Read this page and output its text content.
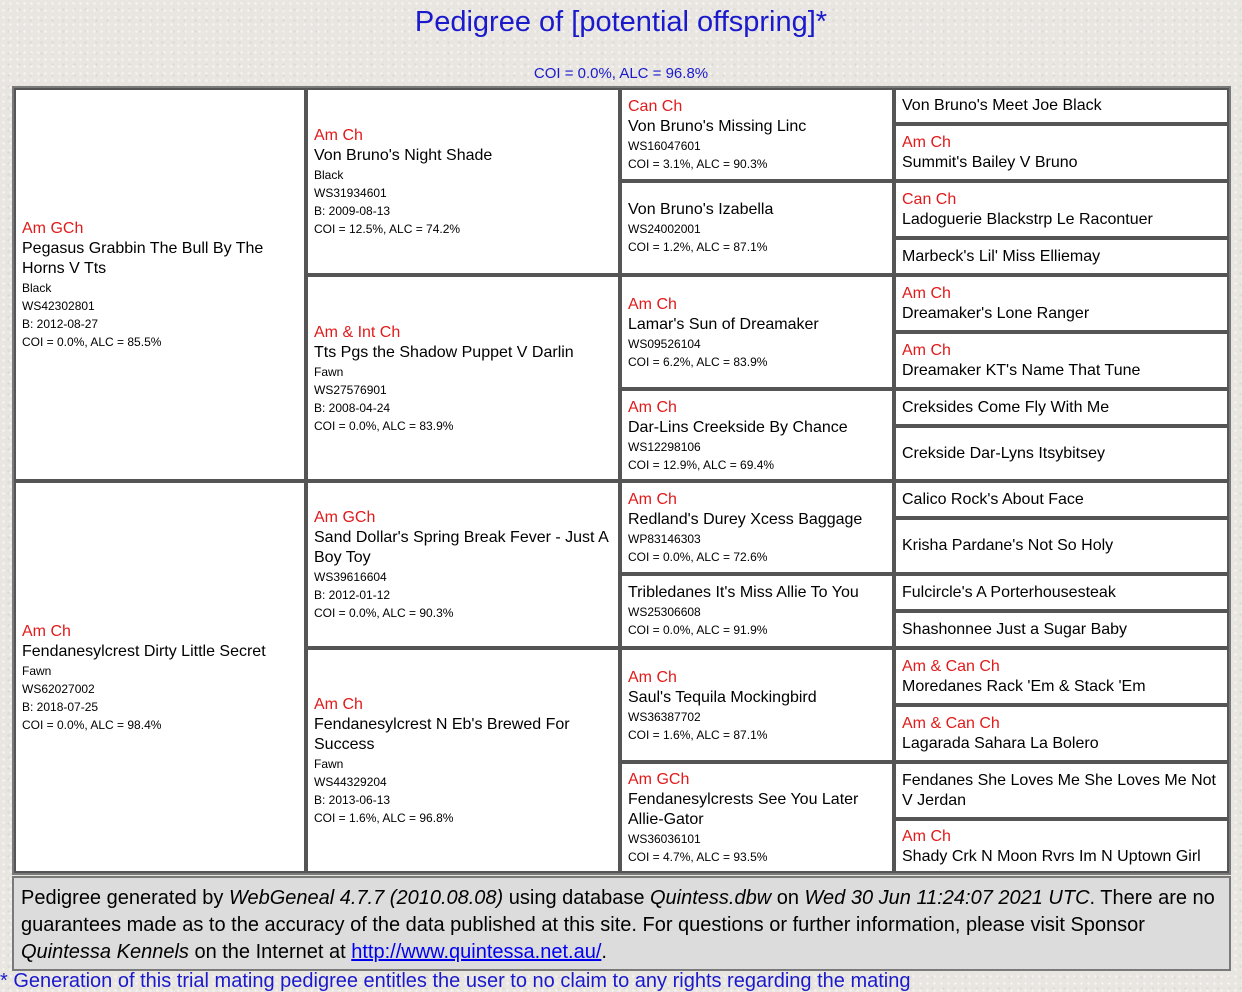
Pedigree of [potential offspring]*
COI = 0.0%, ALC = 96.8%
Am GCh
Pegasus Grabbin The Bull By The Horns V Tts
Black
WS42302801
B: 2012-08-27
COI = 0.0%, ALC = 85.5%
Am Ch
Fendanesylcrest Dirty Little Secret
Fawn
WS62027002
B: 2018-07-25
COI = 0.0%, ALC = 98.4%
Am Ch
Von Bruno's Night Shade
Black
WS31934601
B: 2009-08-13
COI = 12.5%, ALC = 74.2%
Am & Int Ch
Tts Pgs the Shadow Puppet V Darlin
Fawn
WS27576901
B: 2008-04-24
COI = 0.0%, ALC = 83.9%
Am GCh
Sand Dollar's Spring Break Fever - Just A Boy Toy
WS39616604
B: 2012-01-12
COI = 0.0%, ALC = 90.3%
Am Ch
Fendanesylcrest N Eb's Brewed For Success
Fawn
WS44329204
B: 2013-06-13
COI = 1.6%, ALC = 96.8%
Can Ch
Von Bruno's Missing Linc
WS16047601
COI = 3.1%, ALC = 90.3%
Von Bruno's Izabella
WS24002001
COI = 1.2%, ALC = 87.1%
Am Ch
Lamar's Sun of Dreamaker
WS09526104
COI = 6.2%, ALC = 83.9%
Am Ch
Dar-Lins Creekside By Chance
WS12298106
COI = 12.9%, ALC = 69.4%
Am Ch
Redland's Durey Xcess Baggage
WP83146303
COI = 0.0%, ALC = 72.6%
Tribledanes It's Miss Allie To You
WS25306608
COI = 0.0%, ALC = 91.9%
Am Ch
Saul's Tequila Mockingbird
WS36387702
COI = 1.6%, ALC = 87.1%
Am GCh
Fendanesylcrests See You Later Allie-Gator
WS36036101
COI = 4.7%, ALC = 93.5%
Von Bruno's Meet Joe Black
Am Ch
Summit's Bailey V Bruno
Can Ch
Ladoguerie Blackstrp Le Racontuer
Marbeck's Lil' Miss Elliemay
Am Ch
Dreamaker's Lone Ranger
Am Ch
Dreamaker KT's Name That Tune
Creksides Come Fly With Me
Crekside Dar-Lyns Itsybitsey
Calico Rock's About Face
Krisha Pardane's Not So Holy
Fulcircle's A Porterhousesteak
Shashonnee Just a Sugar Baby
Am & Can Ch
Moredanes Rack 'Em & Stack 'Em
Am & Can Ch
Lagarada Sahara La Bolero
Fendanes She Loves Me She Loves Me Not V Jerdan
Am Ch
Shady Crk N Moon Rvrs Im N Uptown Girl
Pedigree generated by WebGeneal 4.7.7 (2010.08.08) using database Quintess.dbw on Wed 30 Jun 11:24:07 2021 UTC. There are no guarantees made as to the accuracy of the data published at this site. For questions or further information, please visit Sponsor Quintessa Kennels on the Internet at http://www.quintessa.net.au/.
* Generation of this trial mating pedigree entitles the user to no claim to any rights regarding the mating
